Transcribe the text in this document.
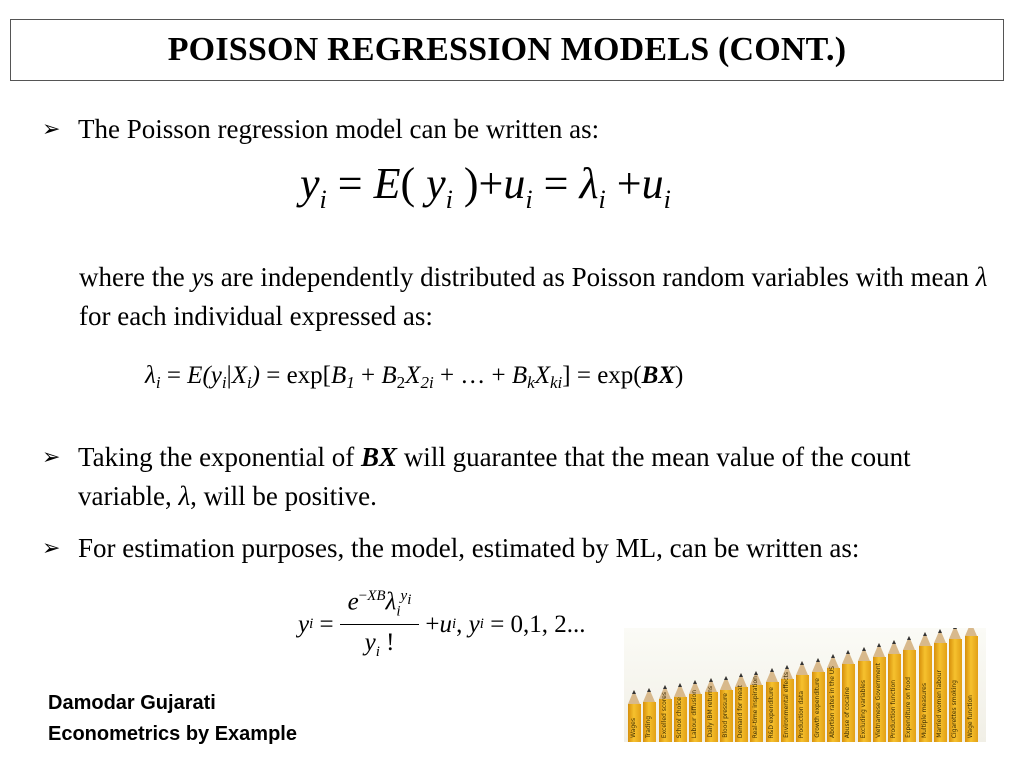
POISSON REGRESSION MODELS (CONT.)
➢ The Poisson regression model can be written as:
$y_i = E$( $y_i$ )$+u_i = \lambda_i +u_i$
where the ys are independently distributed as Poisson random variables with mean λ for each individual expressed as:
$\lambda_i = E(y_i|X_i) = \exp[B_1 + B_2X_{2i}$ + … + $B_kX_{ki}] = \exp(BX)$
➢ Taking the exponential of BX will guarantee that the mean value of the count variable, λ, will be positive.
➢ For estimation purposes, the model, estimated by ML, can be written as:
y $i = \frac{e^{-XB}\lambda_i^{y_i}}{y_i !} + u$ i , y i = 0,1, 2...
Damodar Gujarati
Econometrics by Example	Wages	Trading	Excelled scores	School choice	Labour diffusion	Daily IBM returns	Blood pressure	Demand for meat	Real-time inspiration	R&D expenditure	Environmental effects	Production data	Growth expenditure	Abortion rates in the US	Abuse of cocaine	Excluding variables	Vietnamese Government	Production function	Expenditure on food	Multiple measures	Married women labour	Cigarettes smoking	Wage function
